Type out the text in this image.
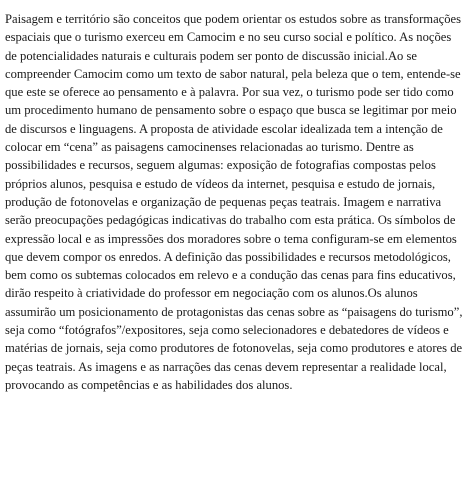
Paisagem e território são conceitos que podem orientar os estudos sobre as transformações espaciais que o turismo exerceu em Camocim e no seu curso social e político. As noções de potencialidades naturais e culturais podem ser ponto de discussão inicial.Ao se compreender Camocim como um texto de sabor natural, pela beleza que o tem, entende-se que este se oferece ao pensamento e à palavra. Por sua vez, o turismo pode ser tido como um procedimento humano de pensamento sobre o espaço que busca se legitimar por meio de discursos e linguagens. A proposta de atividade escolar idealizada tem a intenção de colocar em “cena” as paisagens camocinenses relacionadas ao turismo. Dentre as possibilidades e recursos, seguem algumas: exposição de fotografias compostas pelos próprios alunos, pesquisa e estudo de vídeos da internet, pesquisa e estudo de jornais, produção de fotonovelas e organização de pequenas peças teatrais. Imagem e narrativa serão preocupações pedagógicas indicativas do trabalho com esta prática. Os símbolos de expressão local e as impressões dos moradores sobre o tema configuram-se em elementos que devem compor os enredos. A definição das possibilidades e recursos metodológicos, bem como os subtemas colocados em relevo e a condução das cenas para fins educativos, dirão respeito à criatividade do professor em negociação com os alunos.Os alunos assumirão um posicionamento de protagonistas das cenas sobre as “paisagens do turismo”, seja como “fotógrafos”/expositores, seja como selecionadores e debatedores de vídeos e matérias de jornais, seja como produtores de fotonovelas, seja como produtores e atores de peças teatrais. As imagens e as narrações das cenas devem representar a realidade local, provocando as competências e as habilidades dos alunos.
